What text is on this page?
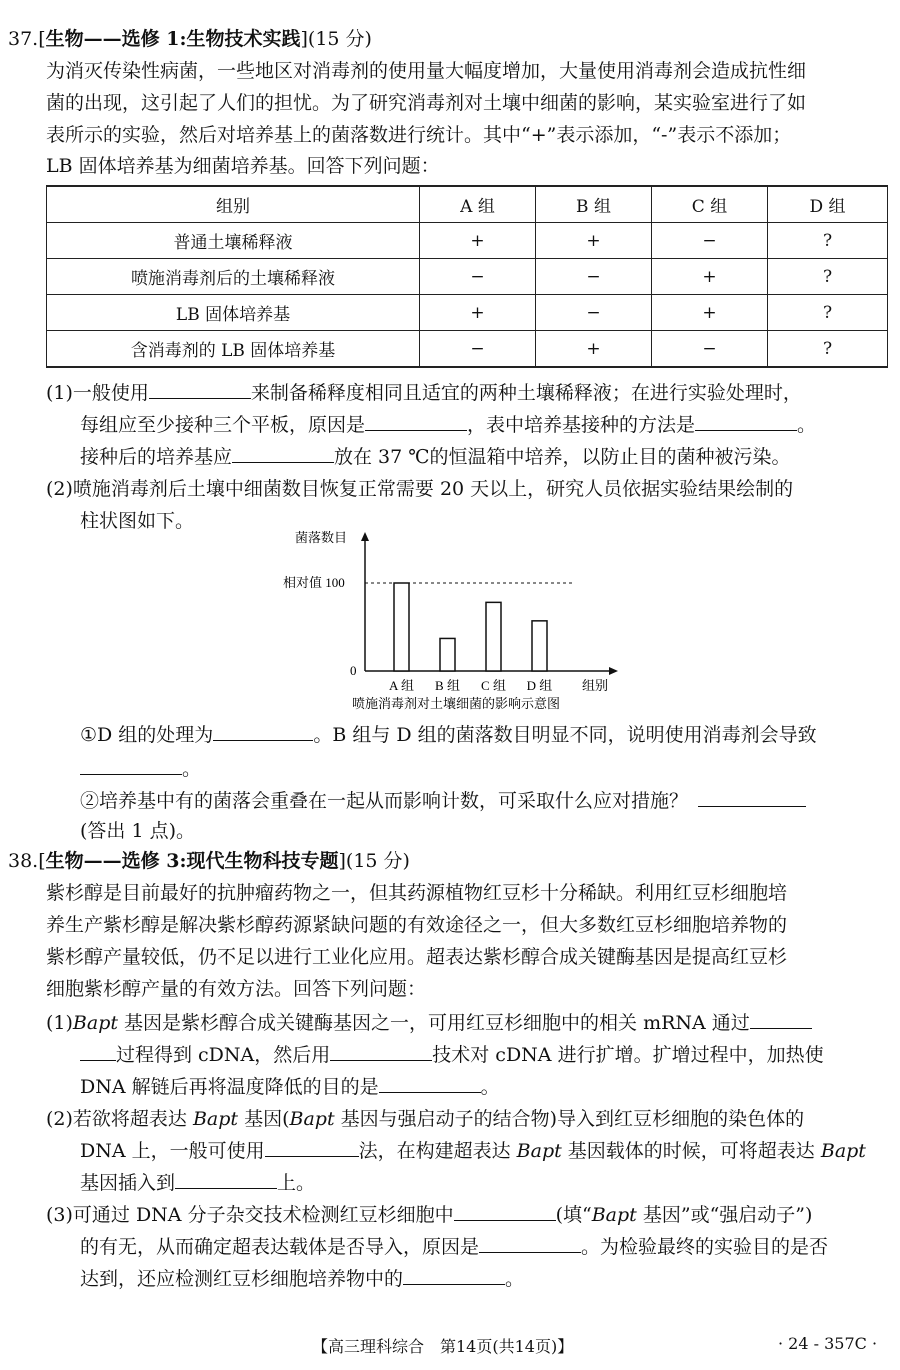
37.[生物——选修 1:生物技术实践](15 分)
为消灭传染性病菌，一些地区对消毒剂的使用量大幅度增加，大量使用消毒剂会造成抗性细
菌的出现，这引起了人们的担忧。为了研究消毒剂对土壤中细菌的影响，某实验室进行了如
表所示的实验，然后对培养基上的菌落数进行统计。其中“+”表示添加，“-”表示不添加；
LB 固体培养基为细菌培养基。回答下列问题：
组别	A 组	B 组	C 组	D 组
普通土壤稀释液	+	+	−	?
喷施消毒剂后的土壤稀释液	−	−	+	?
LB 固体培养基	+	−	+	?
含消毒剂的 LB 固体培养基	−	+	−	?
(1)一般使用	来制备稀释度相同且适宜的两种土壤稀释液；在进行实验处理时，
每组应至少接种三个平板，原因是	，表中培养基接种的方法是	。
接种后的培养基应	放在 37 ℃的恒温箱中培养，以防止目的菌种被污染。
(2)喷施消毒剂后土壤中细菌数目恢复正常需要 20 天以上，研究人员依据实验结果绘制的
柱状图如下。
菌落数目
相对值 100
0
A 组 B 组 C 组 D 组 组别
喷施消毒剂对土壤细菌的影响示意图
①D 组的处理为	。B 组与 D 组的菌落数目明显不同，说明使用消毒剂会导致
。
②培养基中有的菌落会重叠在一起从而影响计数，可采取什么应对措施？
(答出 1 点)。
38.[生物——选修 3:现代生物科技专题](15 分)
紫杉醇是目前最好的抗肿瘤药物之一，但其药源植物红豆杉十分稀缺。利用红豆杉细胞培
养生产紫杉醇是解决紫杉醇药源紧缺问题的有效途径之一，但大多数红豆杉细胞培养物的
紫杉醇产量较低，仍不足以进行工业化应用。超表达紫杉醇合成关键酶基因是提高红豆杉
细胞紫杉醇产量的有效方法。回答下列问题：
(1)Bapt 基因是紫杉醇合成关键酶基因之一，可用红豆杉细胞中的相关 mRNA 通过
过程得到 cDNA，然后用	技术对 cDNA 进行扩增。扩增过程中，加热使
DNA 解链后再将温度降低的目的是	。
(2)若欲将超表达 Bapt 基因(Bapt 基因与强启动子的结合物)导入到红豆杉细胞的染色体的
DNA 上，一般可使用	法，在构建超表达 Bapt 基因载体的时候，可将超表达 Bapt
基因插入到	上。
(3)可通过 DNA 分子杂交技术检测红豆杉细胞中	(填“Bapt 基因”或“强启动子”)
的有无，从而确定超表达载体是否导入，原因是	。为检验最终的实验目的是否
达到，还应检测红豆杉细胞培养物中的	。
【高三理科综合　第14页(共14页)】	· 24 - 357C ·
